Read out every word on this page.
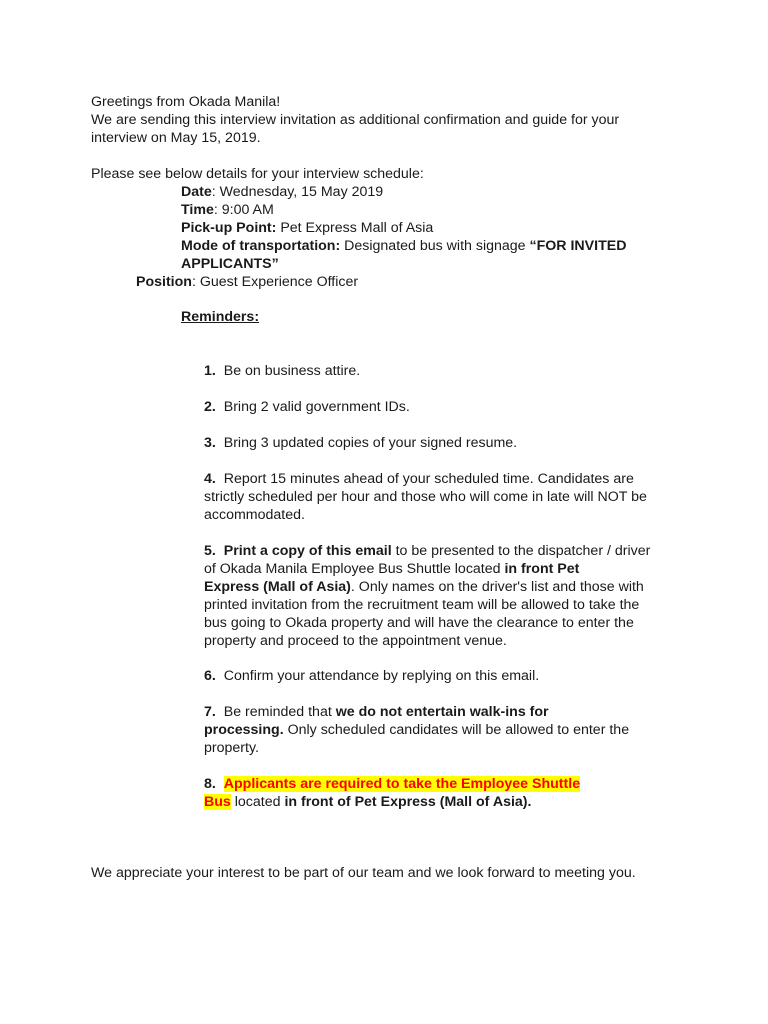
Greetings from Okada Manila!
We are sending this interview invitation as additional confirmation and guide for your
interview on May 15, 2019.
Please see below details for your interview schedule:
Date: Wednesday, 15 May 2019
Time: 9:00 AM
Pick-up Point: Pet Express Mall of Asia
Mode of transportation: Designated bus with signage “FOR INVITED
APPLICANTS”
Position: Guest Experience Officer
Reminders:
1. Be on business attire.
2. Bring 2 valid government IDs.
3. Bring 3 updated copies of your signed resume.
4. Report 15 minutes ahead of your scheduled time. Candidates are
strictly scheduled per hour and those who will come in late will NOT be
accommodated.
5. Print a copy of this email to be presented to the dispatcher / driver
of Okada Manila Employee Bus Shuttle located in front Pet
Express (Mall of Asia). Only names on the driver's list and those with
printed invitation from the recruitment team will be allowed to take the
bus going to Okada property and will have the clearance to enter the
property and proceed to the appointment venue.
6. Confirm your attendance by replying on this email.
7. Be reminded that we do not entertain walk-ins for
processing. Only scheduled candidates will be allowed to enter the
property.
8. Applicants are required to take the Employee Shuttle
Bus located in front of Pet Express (Mall of Asia).
We appreciate your interest to be part of our team and we look forward to meeting you.
